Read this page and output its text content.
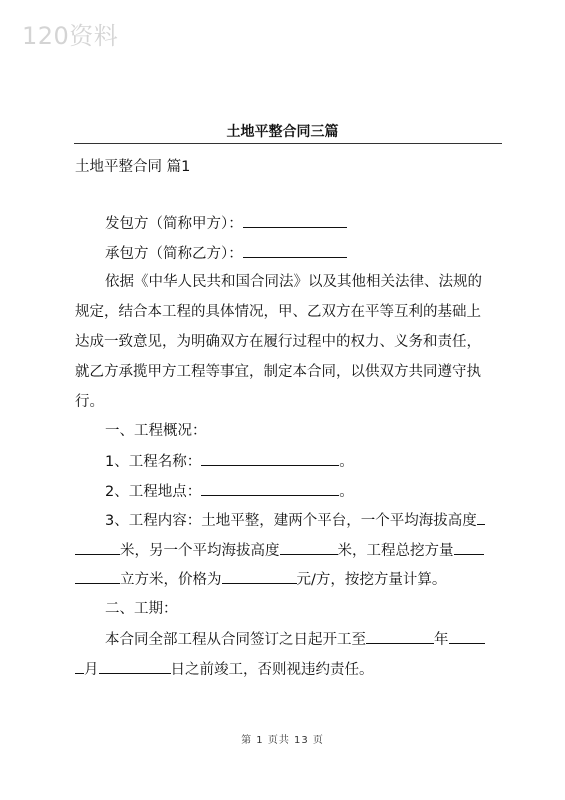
120资料
土地平整合同三篇
土地平整合同 篇1
发包方（简称甲方）：
承包方（简称乙方）：
依据《中华人民共和国合同法》以及其他相关法律、法规的
规定，结合本工程的具体情况，甲、乙双方在平等互利的基础上
达成一致意见，为明确双方在履行过程中的权力、义务和责任，
就乙方承揽甲方工程等事宜，制定本合同，以供双方共同遵守执
行。
一、工程概况：
1、工程名称：	。
2、工程地点：	。
3、工程内容：土地平整，建两个平台，一个平均海拔高度
米，另一个平均海拔高度	米，工程总挖方量
立方米，价格为	元/方，按挖方量计算。
二、工期：
本合同全部工程从合同签订之日起开工至	年
月	日之前竣工，否则视违约责任。
第 1 页共 13 页
